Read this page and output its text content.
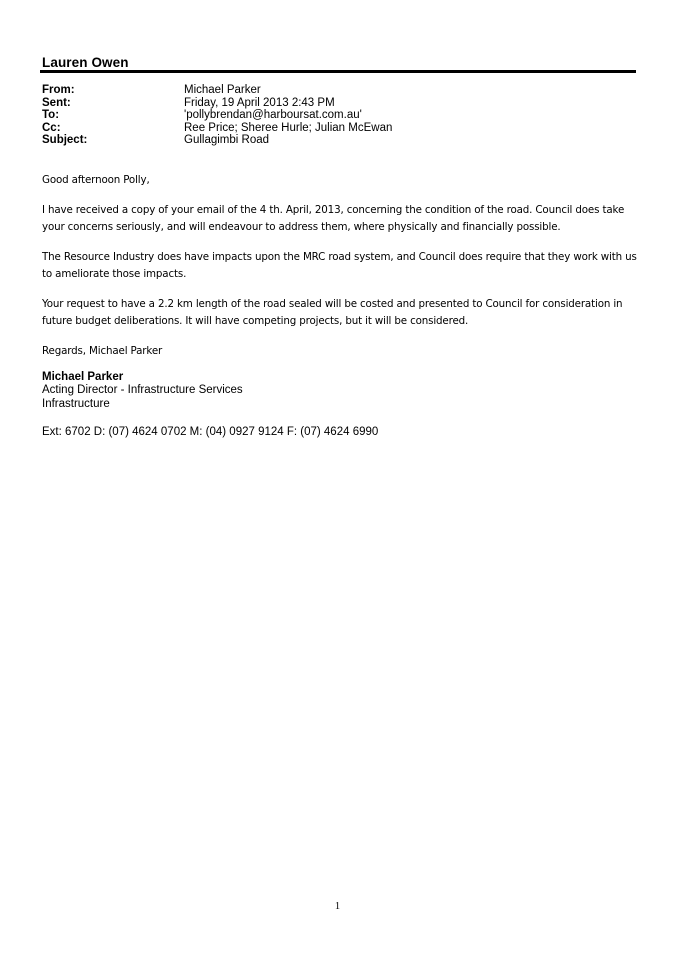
Lauren Owen
From:	Michael Parker
Sent:	Friday, 19 April 2013 2:43 PM
To:	'pollybrendan@harboursat.com.au'
Cc:	Ree Price; Sheree Hurle; Julian McEwan
Subject:	Gullagimbi Road

Good afternoon Polly,

I have received a copy of your email of the 4 th. April, 2013, concerning the condition of the road. Council does take your concerns seriously, and will endeavour to address them, where physically and financially possible.

The Resource Industry does have impacts upon the MRC road system, and Council does require that they work with us to ameliorate those impacts.

Your request to have a 2.2 km length of the road sealed will be costed and presented to Council for consideration in future budget deliberations. It will have competing projects, but it will be considered.

Regards, Michael Parker

Michael Parker
Acting Director - Infrastructure Services
Infrastructure
Ext: 6702 D: (07) 4624 0702 M: (04) 0927 9124 F: (07) 4624 6990
1
